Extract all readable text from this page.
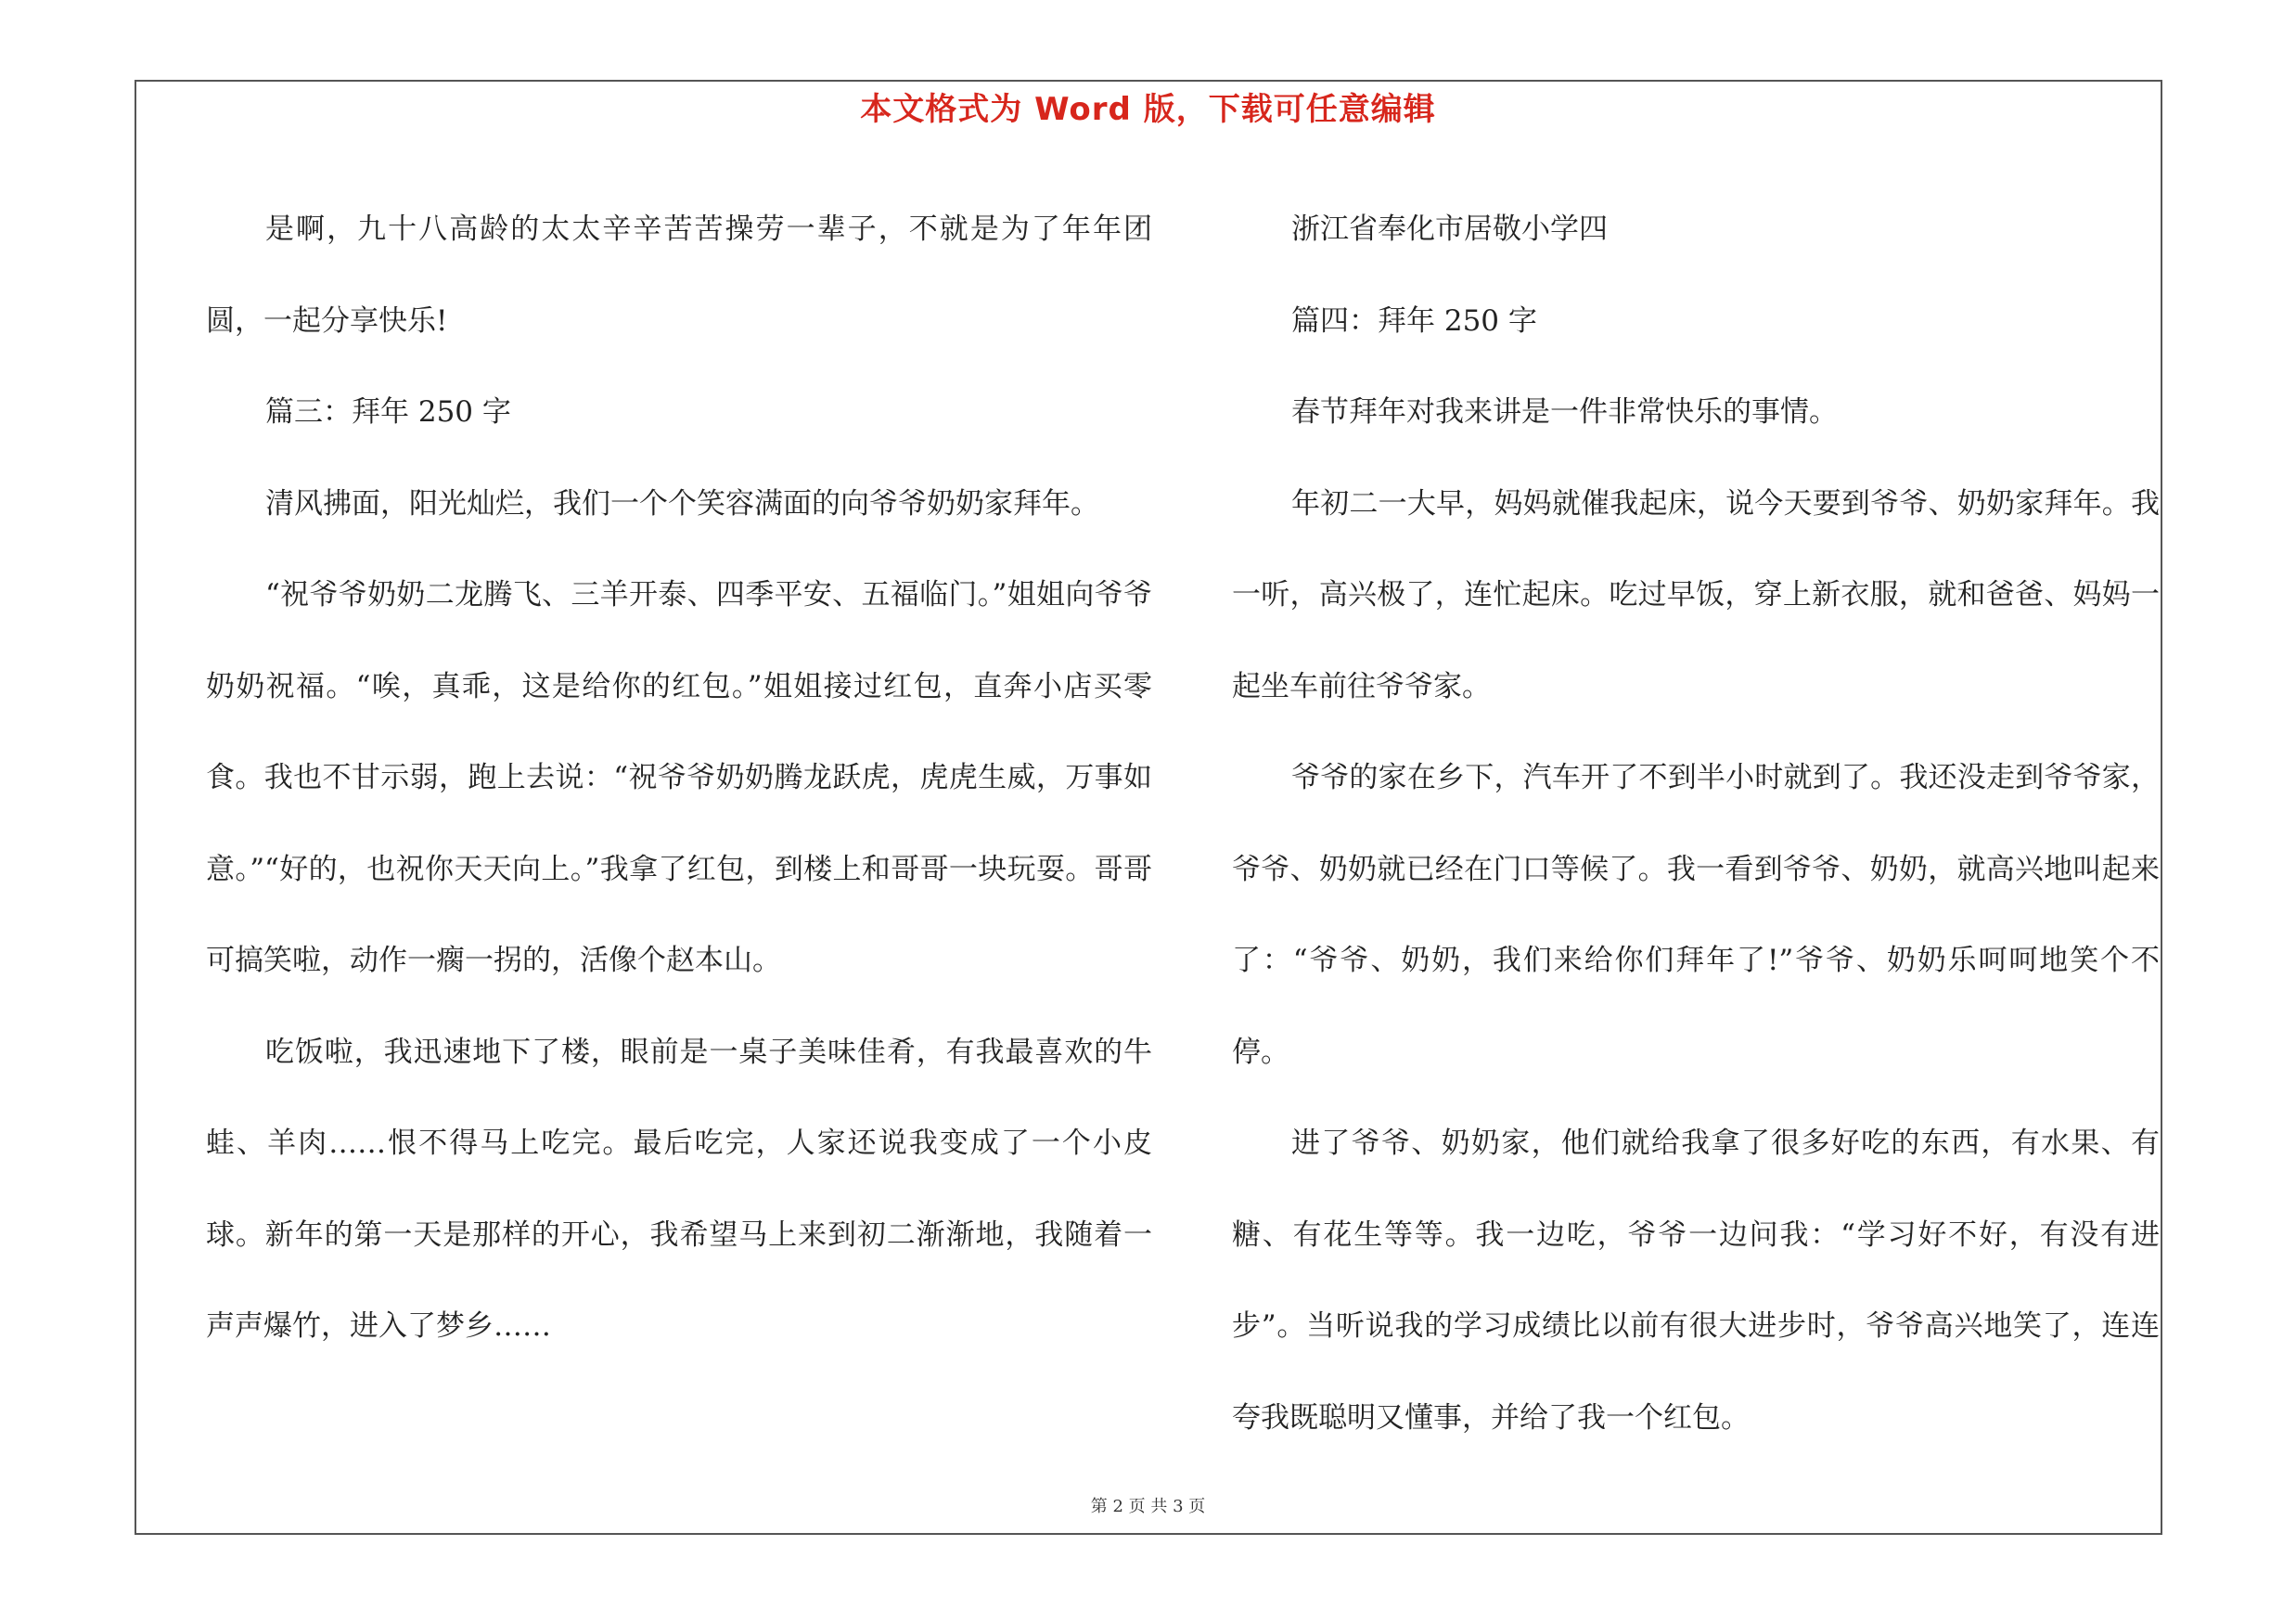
本文格式为 Word 版，下载可任意编辑

是啊，九十八高龄的太太辛辛苦苦操劳一辈子，不就是为了年年团圆，一起分享快乐!

篇三：拜年 250 字

清风拂面，阳光灿烂，我们一个个笑容满面的向爷爷奶奶家拜年。

“祝爷爷奶奶二龙腾飞、三羊开泰、四季平安、五福临门。”姐姐向爷爷奶奶祝福。“唉，真乖，这是给你的红包。”姐姐接过红包，直奔小店买零食。我也不甘示弱，跑上去说：“祝爷爷奶奶腾龙跃虎，虎虎生威，万事如意。”“好的，也祝你天天向上。”我拿了红包，到楼上和哥哥一块玩耍。哥哥可搞笑啦，动作一瘸一拐的，活像个赵本山。

吃饭啦，我迅速地下了楼，眼前是一桌子美味佳肴，有我最喜欢的牛蛙、羊肉……恨不得马上吃完。最后吃完，人家还说我变成了一个小皮球。新年的第一天是那样的开心，我希望马上来到初二渐渐地，我随着一声声爆竹，进入了梦乡……

浙江省奉化市居敬小学四

篇四：拜年 250 字

春节拜年对我来讲是一件非常快乐的事情。

年初二一大早，妈妈就催我起床，说今天要到爷爷、奶奶家拜年。我一听，高兴极了，连忙起床。吃过早饭，穿上新衣服，就和爸爸、妈妈一起坐车前往爷爷家。

爷爷的家在乡下，汽车开了不到半小时就到了。我还没走到爷爷家，爷爷、奶奶就已经在门口等候了。我一看到爷爷、奶奶，就高兴地叫起来了：“爷爷、奶奶，我们来给你们拜年了!”爷爷、奶奶乐呵呵地笑个不停。

进了爷爷、奶奶家，他们就给我拿了很多好吃的东西，有水果、有糖、有花生等等。我一边吃，爷爷一边问我：“学习好不好，有没有进步”。当听说我的学习成绩比以前有很大进步时，爷爷高兴地笑了，连连夸我既聪明又懂事，并给了我一个红包。

第 2 页 共 3 页
